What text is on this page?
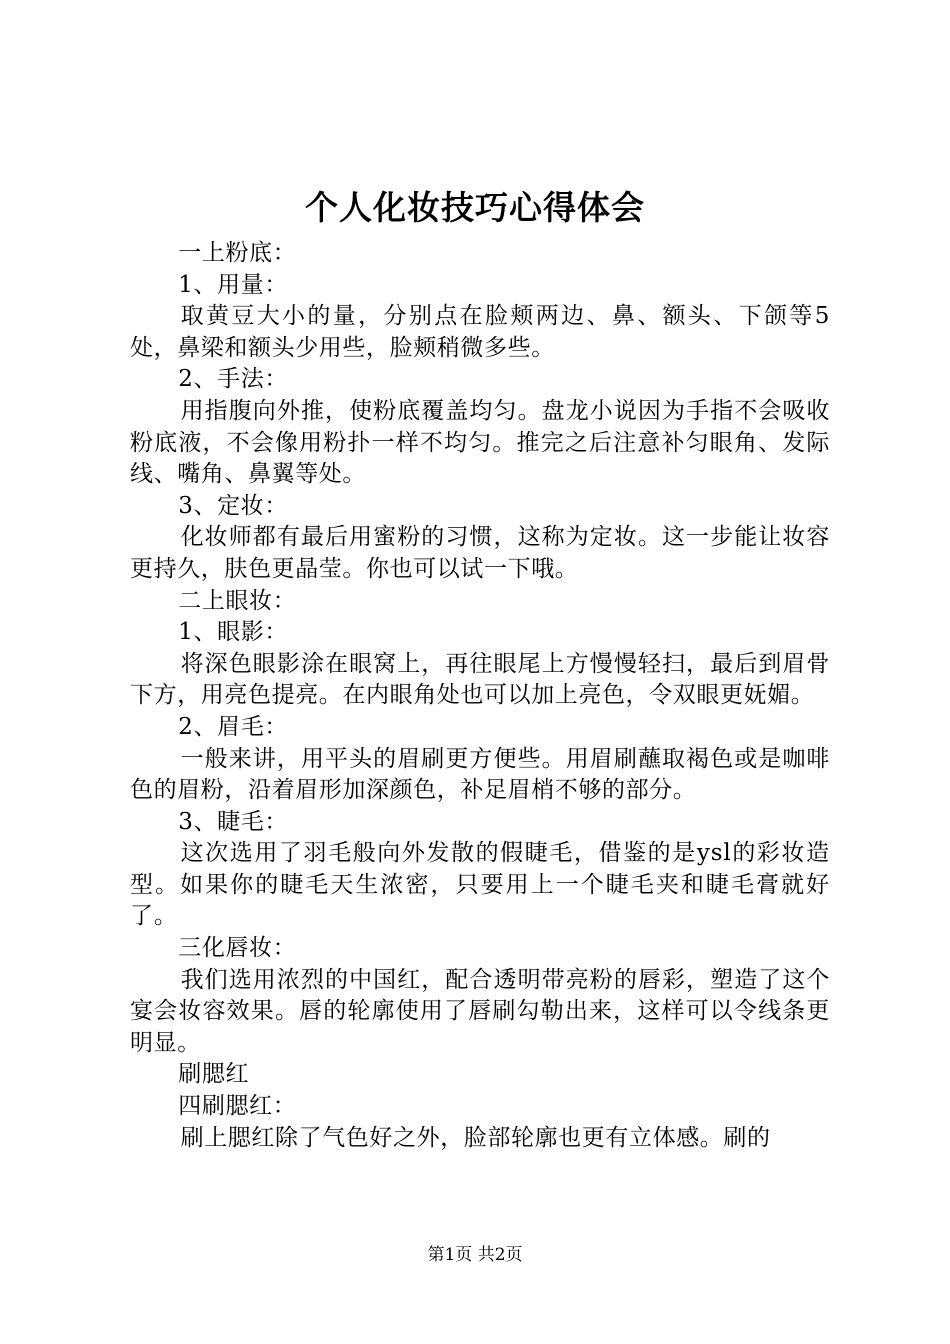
个人化妆技巧心得体会

一上粉底：

1、用量：

取黄豆大小的量，分别点在脸颊两边、鼻、额头、下颌等5处，鼻梁和额头少用些，脸颊稍微多些。

2、手法：

用指腹向外推，使粉底覆盖均匀。盘龙小说因为手指不会吸收粉底液，不会像用粉扑一样不均匀。推完之后注意补匀眼角、发际线、嘴角、鼻翼等处。

3、定妆：

化妆师都有最后用蜜粉的习惯，这称为定妆。这一步能让妆容更持久，肤色更晶莹。你也可以试一下哦。

二上眼妆：

1、眼影：

将深色眼影涂在眼窝上，再往眼尾上方慢慢轻扫，最后到眉骨下方，用亮色提亮。在内眼角处也可以加上亮色，令双眼更妩媚。

2、眉毛：

一般来讲，用平头的眉刷更方便些。用眉刷蘸取褐色或是咖啡色的眉粉，沿着眉形加深颜色，补足眉梢不够的部分。

3、睫毛：

这次选用了羽毛般向外发散的假睫毛，借鉴的是ysl的彩妆造型。如果你的睫毛天生浓密，只要用上一个睫毛夹和睫毛膏就好了。

三化唇妆：

我们选用浓烈的中国红，配合透明带亮粉的唇彩，塑造了这个宴会妆容效果。唇的轮廓使用了唇刷勾勒出来，这样可以令线条更明显。

刷腮红

四刷腮红：

刷上腮红除了气色好之外，脸部轮廓也更有立体感。刷的

第1页 共2页
